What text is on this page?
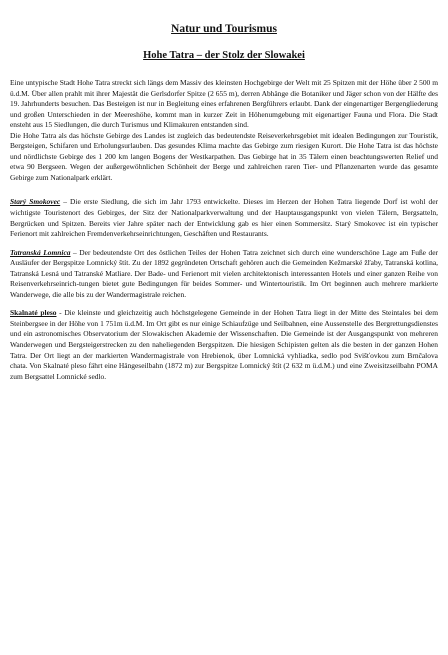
Natur und Tourismus
Hohe Tatra – der Stolz der Slowakei

Eine untypische Stadt Hohe Tatra streckt sich längs dem Massiv des kleinsten Hochgebirge der Welt mit 25 Spitzen mit der Höhe über 2 500 m ü.d.M. Über allen prahlt mit ihrer Majestät die Gerlsdorfer Spitze (2 655 m), derren Abhänge die Botaniker und Jäger schon von der Hälfte des 19. Jahrhunderts besuchen. Das Besteigen ist nur in Begleitung eines erfahrenen Bergführers erlaubt. Dank der eingenartiger Bergengliederung und großen Unterschieden in der Meereshöhe, kommt man in kurzer Zeit in Höhenumgebung mit eigenartiger Fauna und Flora. Die Stadt ensteht aus 15 Siedlungen, die durch Turismus und Klimakuren entstanden sind.

Die Hohe Tatra als das höchste Gebirge des Landes ist zugleich das bedeutendste Reiseverkehrsgebiet mit idealen Bedingungen zur Touristik, Bergsteigen, Schifaren und Erholungsurlauben. Das gesundes Klima machte das Gebirge zum riesigen Kurort. Die Hohe Tatra ist das höchste und nördlichste Gebirge des 1 200 km langen Bogens der Westkarpathen. Das Gebirge hat in 35 Tälern einen beachtungswerten Relief und etwa 90 Bergseen. Wegen der außergewöhnlichen Schönheit der Berge und zahlreichen raren Tier- und Pflanzenarten wurde das gesamte Gebirge zum Nationalpark erklärt.

Starý Smokovec – Die erste Siedlung, die sich im Jahr 1793 entwickelte. Dieses im Herzen der Hohen Tatra liegende Dorf ist wohl der wichtigste Touristenort des Gebirges, der Sitz der Nationalparkverwaltung und der Hauptausgangspunkt von vielen Tälern, Bergsatteln, Bergrücken und Spitzen. Bereits vier Jahre später nach der Entwicklung gab es hier einen Sommersitz. Starý Smokovec ist ein typischer Ferienort mit zahlreichen Fremdenverkehrseinrichtungen, Geschäften und Restaurants.

Tatranská Lomnica – Der bedeutendste Ort des östlichen Teiles der Hohen Tatra zeichnet sich durch eine wunderschöne Lage am Fuße der Ausläufer der Bergspitze Lomnický štít. Zu der 1892 gegründeten Ortschaft gehören auch die Gemeinden Kežmarské žľaby, Tatranská kotlina, Tatranská Lesná und Tatranské Matliare. Der Bade- und Ferienort mit vielen architektonisch interessanten Hotels und einer ganzen Reihe von Reisenverkehrseinrich-tungen bietet gute Bedingungen für beides Sommer- und Wintertouristik. Im Ort beginnen auch mehrere markierte Wanderwege, die alle bis zu der Wandermagistrale reichen.

Skalnaté pleso - Die kleinste und gleichzeitig auch höchstgelegene Gemeinde in der Hohen Tatra liegt in der Mitte des Steintales bei dem Steinbergsee in der Höhe von 1 751m ü.d.M. Im Ort gibt es nur einige Schiaufzüge und Seilbahnen, eine Aussenstelle des Bergrettungsdienstes und ein astronomisches Observatorium der Slowakischen Akademie der Wissenschaften. Die Gemeinde ist der Ausgangspunkt von mehreren Wanderwegen und Bergsteigerstrecken zu den naheliegenden Bergspitzen. Die hiesigen Schipisten gelten als die besten in der ganzen Hohen Tatra. Der Ort liegt an der markierten Wandermagistrale von Hrebienok, über Lomnická vyhliadka, sedlo pod Svišťovkou zum Brnčalova chata. Von Skalnaté pleso fährt eine Hängeseilbahn (1872 m) zur Bergspitze Lomnický štít (2 632 m ü.d.M.) und eine Zweisitzseilbahn POMA zum Bergsattel Lomnické sedlo.
